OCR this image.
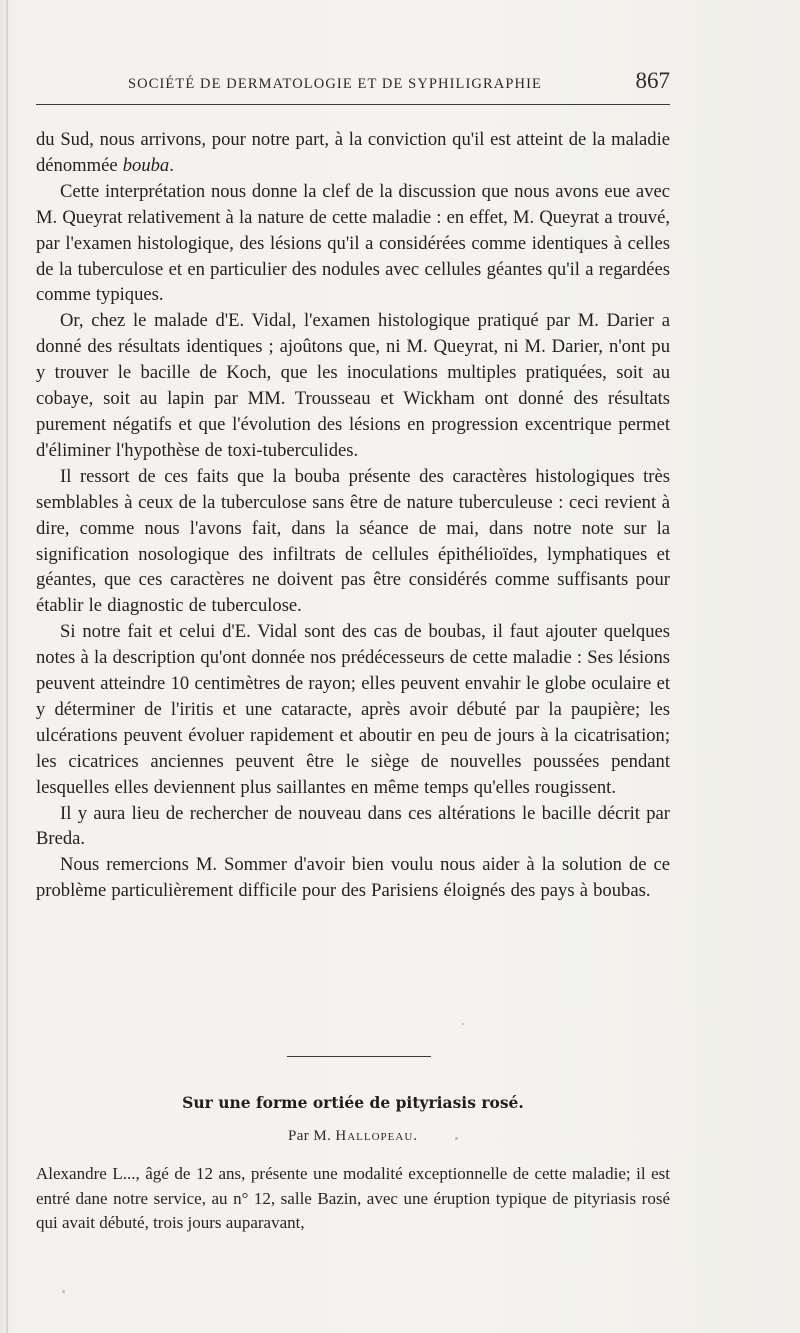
SOCIÉTÉ DE DERMATOLOGIE ET DE SYPHILIGRAPHIE	867

du Sud, nous arrivons, pour notre part, à la conviction qu'il est atteint de la maladie dénommée bouba.

Cette interprétation nous donne la clef de la discussion que nous avons eue avec M. Queyrat relativement à la nature de cette maladie : en effet, M. Queyrat a trouvé, par l'examen histologique, des lésions qu'il a considérées comme identiques à celles de la tuberculose et en particulier des nodules avec cellules géantes qu'il a regardées comme typiques.

Or, chez le malade d'E. Vidal, l'examen histologique pratiqué par M. Darier a donné des résultats identiques ; ajoûtons que, ni M. Queyrat, ni M. Darier, n'ont pu y trouver le bacille de Koch, que les inoculations multiples pratiquées, soit au cobaye, soit au lapin par MM. Trousseau et Wickham ont donné des résultats purement négatifs et que l'évolution des lésions en progression excentrique permet d'éliminer l'hypothèse de toxi-tuberculides.

Il ressort de ces faits que la bouba présente des caractères histologiques très semblables à ceux de la tuberculose sans être de nature tuberculeuse : ceci revient à dire, comme nous l'avons fait, dans la séance de mai, dans notre note sur la signification nosologique des infiltrats de cellules épithélioïdes, lymphatiques et géantes, que ces caractères ne doivent pas être considérés comme suffisants pour établir le diagnostic de tuberculose.

Si notre fait et celui d'E. Vidal sont des cas de boubas, il faut ajouter quelques notes à la description qu'ont donnée nos prédécesseurs de cette maladie : Ses lésions peuvent atteindre 10 centimètres de rayon; elles peuvent envahir le globe oculaire et y déterminer de l'iritis et une cataracte, après avoir débuté par la paupière; les ulcérations peuvent évoluer rapidement et aboutir en peu de jours à la cicatrisation; les cicatrices anciennes peuvent être le siège de nouvelles poussées pendant lesquelles elles deviennent plus saillantes en même temps qu'elles rougissent.

Il y aura lieu de rechercher de nouveau dans ces altérations le bacille décrit par Breda.

Nous remercions M. Sommer d'avoir bien voulu nous aider à la solution de ce problème particulièrement difficile pour des Parisiens éloignés des pays à boubas.

Sur une forme ortiée de pityriasis rosé.
Par M. Hallopeau.

Alexandre L..., âgé de 12 ans, présente une modalité exceptionnelle de cette maladie; il est entré dane notre service, au n° 12, salle Bazin, avec une éruption typique de pityriasis rosé qui avait débuté, trois jours auparavant,
